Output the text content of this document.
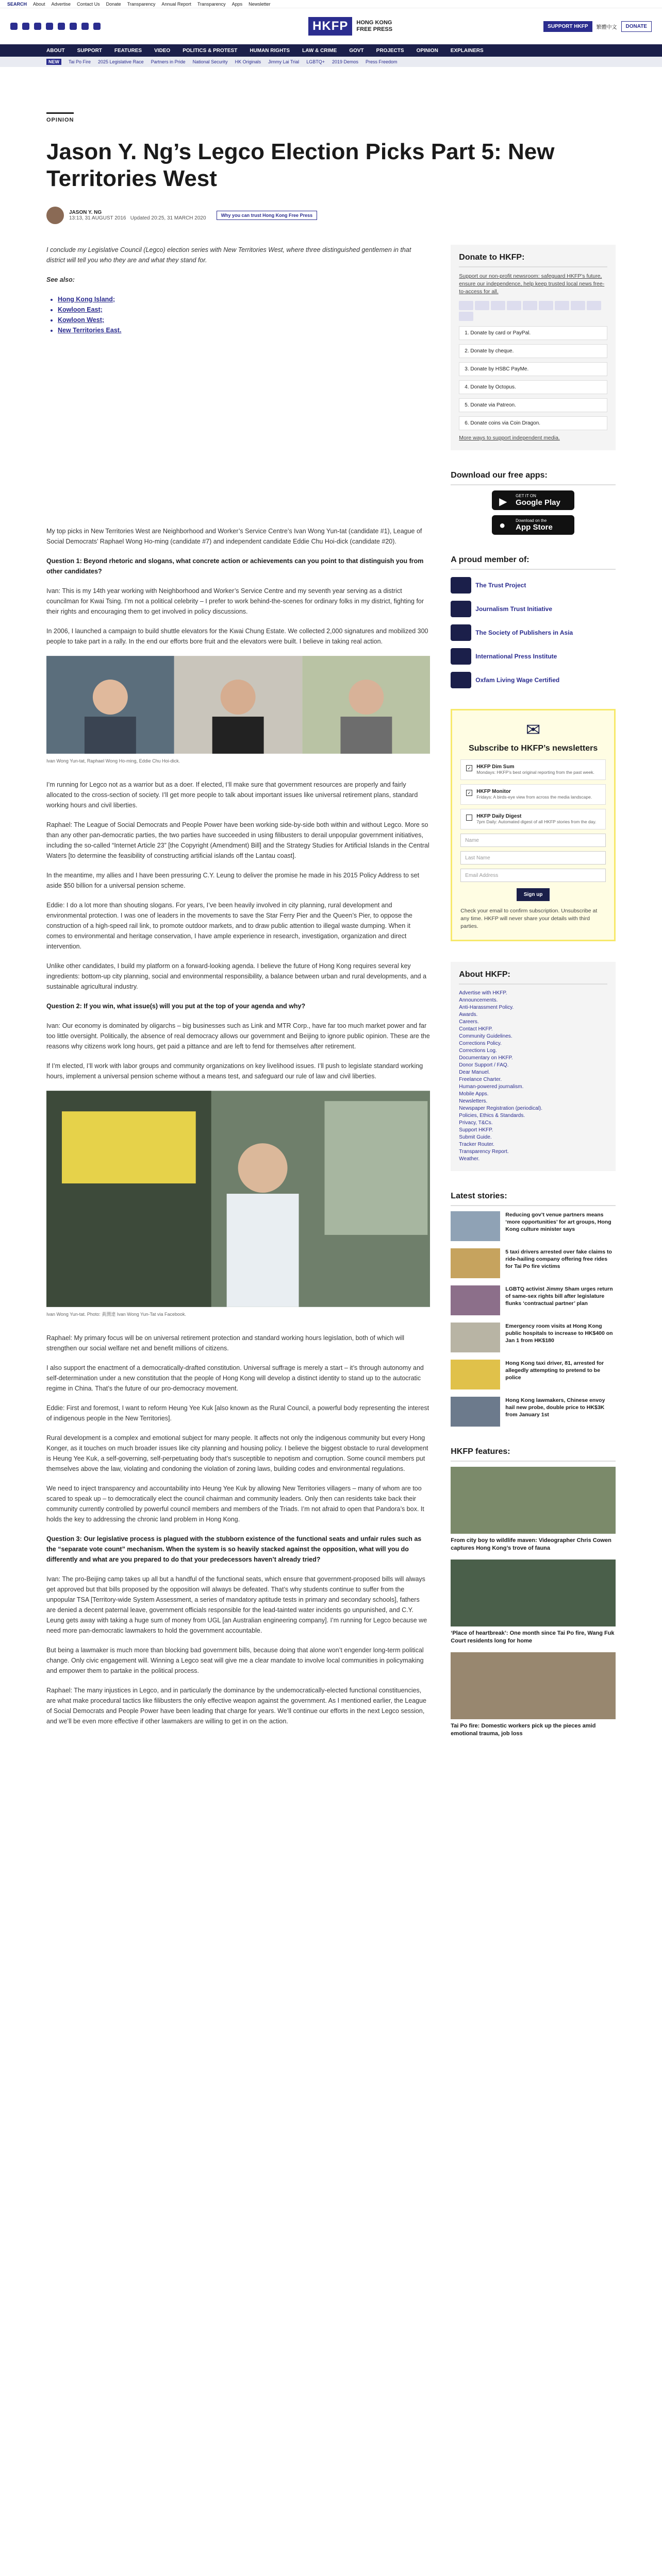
SEARCH About Advertise Contact Us Donate Transparency Annual Report Transparency Apps Newsletter
HKFP	HONG KONG
FREE PRESS	SUPPORT HKFP	繁體中文	DONATE
ABOUT SUPPORT FEATURES VIDEO POLITICS & PROTEST HUMAN RIGHTS LAW & CRIME GOVT PROJECTS OPINION EXPLAINERS
NEW	Tai Po Fire 2025 Legislative Race Partners in Pride National Security HK Originals Jimmy Lai Trial LGBTQ+ 2019 Demos Press Freedom
OPINION
Jason Y. Ng’s Legco Election Picks Part 5: New Territories West
JASON Y. NG
13:13, 31 AUGUST 2016 Updated 20:25, 31 MARCH 2020	Why you can trust Hong Kong Free Press

I conclude my Legislative Council (Legco) election series with New Territories West, where three distinguished gentlemen in that district will tell you who they are and what they stand for.

See also:

• Hong Kong Island;
• Kowloon East;
• Kowloon West;
• New Territories East.

My top picks in New Territories West are Neighborhood and Worker’s Service Centre’s Ivan Wong Yun-tat (candidate #1), League of Social Democrats’ Raphael Wong Ho-ming (candidate #7) and independent candidate Eddie Chu Hoi-dick (candidate #20).

Question 1: Beyond rhetoric and slogans, what concrete action or achievements can you point to that distinguish you from other candidates?

Ivan: This is my 14th year working with Neighborhood and Worker’s Service Centre and my seventh year serving as a district councilman for Kwai Tsing. I’m not a political celebrity – I prefer to work behind-the-scenes for ordinary folks in my district, fighting for their rights and encouraging them to get involved in policy discussions.

In 2006, I launched a campaign to build shuttle elevators for the Kwai Chung Estate. We collected 2,000 signatures and mobilized 300 people to take part in a rally. In the end our efforts bore fruit and the elevators were built. I believe in taking real action.

Ivan Wong Yun-tat, Raphael Wong Ho-ming, Eddie Chu Hoi-dick.

I’m running for Legco not as a warrior but as a doer. If elected, I’ll make sure that government resources are properly and fairly allocated to the cross-section of society. I’ll get more people to talk about important issues like universal retirement plans, standard working hours and civil liberties.

Raphael: The League of Social Democrats and People Power have been working side-by-side both within and without Legco. More so than any other pan-democratic parties, the two parties have succeeded in using filibusters to derail unpopular government initiatives, including the so-called “Internet Article 23” [the Copyright (Amendment) Bill] and the Strategy Studies for Artificial Islands in the Central Waters [to determine the feasibility of constructing artificial islands off the Lantau coast].

In the meantime, my allies and I have been pressuring C.Y. Leung to deliver the promise he made in his 2015 Policy Address to set aside $50 billion for a universal pension scheme.

Eddie: I do a lot more than shouting slogans. For years, I’ve been heavily involved in city planning, rural development and environmental protection. I was one of leaders in the movements to save the Star Ferry Pier and the Queen’s Pier, to oppose the construction of a high-speed rail link, to promote outdoor markets, and to draw public attention to illegal waste dumping. When it comes to environmental and heritage conservation, I have ample experience in research, investigation, organization and direct intervention.

Unlike other candidates, I build my platform on a forward-looking agenda. I believe the future of Hong Kong requires several key ingredients: bottom-up city planning, social and environmental responsibility, a balance between urban and rural developments, and a sustainable agricultural industry.

Question 2: If you win, what issue(s) will you put at the top of your agenda and why?

Ivan: Our economy is dominated by oligarchs – big businesses such as Link and MTR Corp., have far too much market power and far too little oversight. Politically, the absence of real democracy allows our government and Beijing to ignore public opinion. These are the reasons why citizens work long hours, get paid a pittance and are left to fend for themselves after retirement.

If I’m elected, I’ll work with labor groups and community organizations on key livelihood issues. I’ll push to legislate standard working hours, implement a universal pension scheme without a means test, and safeguard our rule of law and civil liberties.

Ivan Wong Yun-tat. Photo: 黃潤達 Ivan Wong Yun-Tat via Facebook.

Raphael: My primary focus will be on universal retirement protection and standard working hours legislation, both of which will strengthen our social welfare net and benefit millions of citizens.

I also support the enactment of a democratically-drafted constitution. Universal suffrage is merely a start – it’s through autonomy and self-determination under a new constitution that the people of Hong Kong will develop a distinct identity to stand up to the autocratic regime in China. That’s the future of our pro-democracy movement.

Eddie: First and foremost, I want to reform Heung Yee Kuk [also known as the Rural Council, a powerful body representing the interest of indigenous people in the New Territories].

Rural development is a complex and emotional subject for many people. It affects not only the indigenous community but every Hong Konger, as it touches on much broader issues like city planning and housing policy. I believe the biggest obstacle to rural development is Heung Yee Kuk, a self-governing, self-perpetuating body that’s susceptible to nepotism and corruption. Some council members put themselves above the law, violating and condoning the violation of zoning laws, building codes and environmental regulations.

We need to inject transparency and accountability into Heung Yee Kuk by allowing New Territories villagers – many of whom are too scared to speak up – to democratically elect the council chairman and community leaders. Only then can residents take back their community currently controlled by powerful council members and members of the Triads. I’m not afraid to open that Pandora’s box. It holds the key to addressing the chronic land problem in Hong Kong.

Question 3: Our legislative process is plagued with the stubborn existence of the functional seats and unfair rules such as the “separate vote count” mechanism. When the system is so heavily stacked against the opposition, what will you do differently and what are you prepared to do that your predecessors haven’t already tried?

Ivan: The pro-Beijing camp takes up all but a handful of the functional seats, which ensure that government-proposed bills will always get approved but that bills proposed by the opposition will always be defeated. That’s why students continue to suffer from the unpopular TSA [Territory-wide System Assessment, a series of mandatory aptitude tests in primary and secondary schools], fathers are denied a decent paternal leave, government officials responsible for the lead-tainted water incidents go unpunished, and C.Y. Leung gets away with taking a huge sum of money from UGL [an Australian engineering company]. I’m running for Legco because we need more pan-democratic lawmakers to hold the government accountable.

But being a lawmaker is much more than blocking bad government bills, because doing that alone won’t engender long-term political change. Only civic engagement will. Winning a Legco seat will give me a clear mandate to involve local communities in policymaking and empower them to partake in the political process.

Raphael: The many injustices in Legco, and in particularly the dominance by the undemocratically-elected functional constituencies, are what make procedural tactics like filibusters the only effective weapon against the government. As I mentioned earlier, the League of Social Democrats and People Power have been leading that charge for years. We’ll continue our efforts in the next Legco session, and we’ll be even more effective if other lawmakers are willing to get in on the action.

Donate to HKFP:
Support our non-profit newsroom: safeguard HKFP’s future, ensure our independence, help keep trusted local news free-to-access for all.
1. Donate by card or PayPal.
2. Donate by cheque.
3. Donate by HSBC PayMe.
4. Donate by Octopus.
5. Donate via Patreon.
6. Donate coins via Coin Dragon.
More ways to support independent media.
Download our free apps:
▶
GET IT ON
Google Play
● Download on the
App Store
A proud member of:
The Trust Project
Journalism Trust Initiative
The Society of Publishers in Asia
International Press Institute
Oxfam Living Wage Certified
✉
Subscribe to HKFP’s newsletters
✓ HKFP Dim Sum
Mondays: HKFP’s best original reporting from the past week.
✓ HKFP Monitor
Fridays: A birds-eye view from across the media landscape.
HKFP Daily Digest
7pm Daily: Automated digest of all HKFP stories from the day.
Name
Last Name
Email Address
Sign up
Check your email to confirm subscription. Unsubscribe at any time. HKFP will never share your details with third parties.
About HKFP:
Advertise with HKFP.
Announcements.
Anti-Harassment Policy.
Awards.
Careers.
Contact HKFP.
Community Guidelines.
Corrections Policy.
Corrections Log.
Documentary on HKFP.
Donor Support / FAQ.
Dear Manuel.
Freelance Charter.
Human-powered journalism.
Mobile Apps.
Newsletters.
Newspaper Registration (periodical).
Policies, Ethics & Standards.
Privacy, T&Cs.
Support HKFP.
Submit Guide.
Tracker Router.
Transparency Report.
Weather.
Latest stories:
Reducing gov’t venue partners means ‘more opportunities’ for art groups, Hong Kong culture minister says
5 taxi drivers arrested over fake claims to ride-hailing company offering free rides for Tai Po fire victims
LGBTQ activist Jimmy Sham urges return of same-sex rights bill after legislature flunks ‘contractual partner’ plan
Emergency room visits at Hong Kong public hospitals to increase to HK$400 on Jan 1 from HK$180
Hong Kong taxi driver, 81, arrested for allegedly attempting to pretend to be police
Hong Kong lawmakers, Chinese envoy hail new probe, double price to HK$3K from January 1st
HKFP features:
From city boy to wildlife maven: Videographer Chris Cowen captures Hong Kong’s trove of fauna
‘Place of heartbreak’: One month since Tai Po fire, Wang Fuk Court residents long for home
Tai Po fire: Domestic workers pick up the pieces amid emotional trauma, job loss
